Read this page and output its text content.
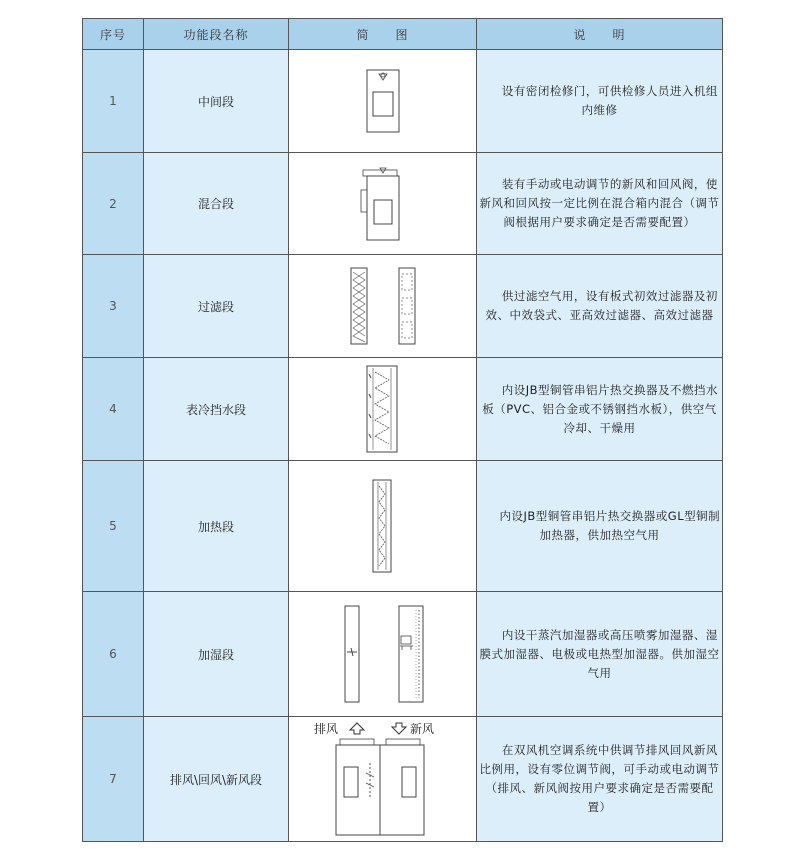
序号	功能段名称	简　　图	说　　明
1	中间段		设有密闭检修门，可供检修人员进入机组内维修

2	混合段		装有手动或电动调节的新风和回风阀，使新风和回风按一定比例在混合箱内混合（调节阀根据用户要求确定是否需要配置）

3	过滤段		供过滤空气用，设有板式初效过滤器及初效、中效袋式、亚高效过滤器、高效过滤器

4	表冷挡水段		内设JB型铜管串铝片热交换器及不燃挡水板（PVC、铝合金或不锈钢挡水板），供空气冷却、干燥用

5	加热段		内设JB型铜管串铝片热交换器或GL型铜制加热器，供加热空气用

6	加湿段		内设干蒸汽加湿器或高压喷雾加湿器、湿膜式加湿器、电极或电热型加湿器。供加湿空气用

7	排风\回风\新风段	排风 新风	在双风机空调系统中供调节排风回风新风比例用，设有零位调节阀，可手动或电动调节（排风、新风阀按用户要求确定是否需要配置）
